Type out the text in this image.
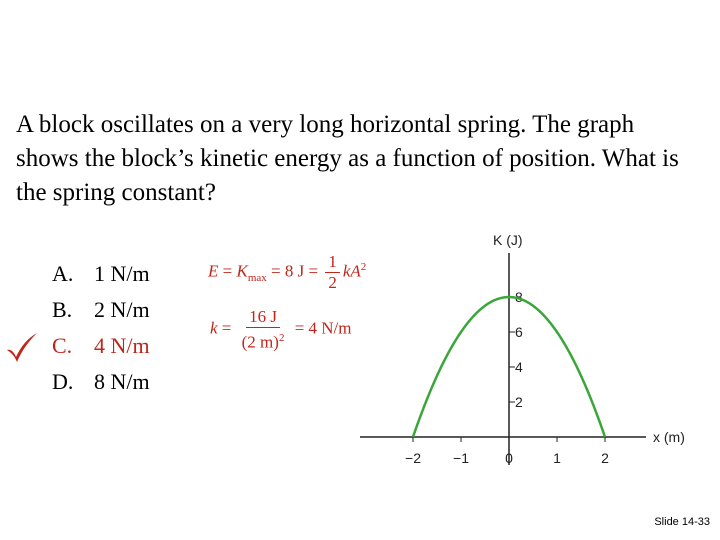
A block oscillates on a very long horizontal spring. The graph shows the block’s kinetic energy as a function of position. What is the spring constant?

A. 1 N/m
B. 2 N/m
C. 4 N/m
D. 8 N/m
$E = K_{max} = 8$ $J = \frac{1}{2} kA^2$
$k = \frac{16 J}{(2 m)^2} = 4$ N/m
K (J)
x (m)
8
6
4
2
−2 −1	0	1	2
Slide 14-33
